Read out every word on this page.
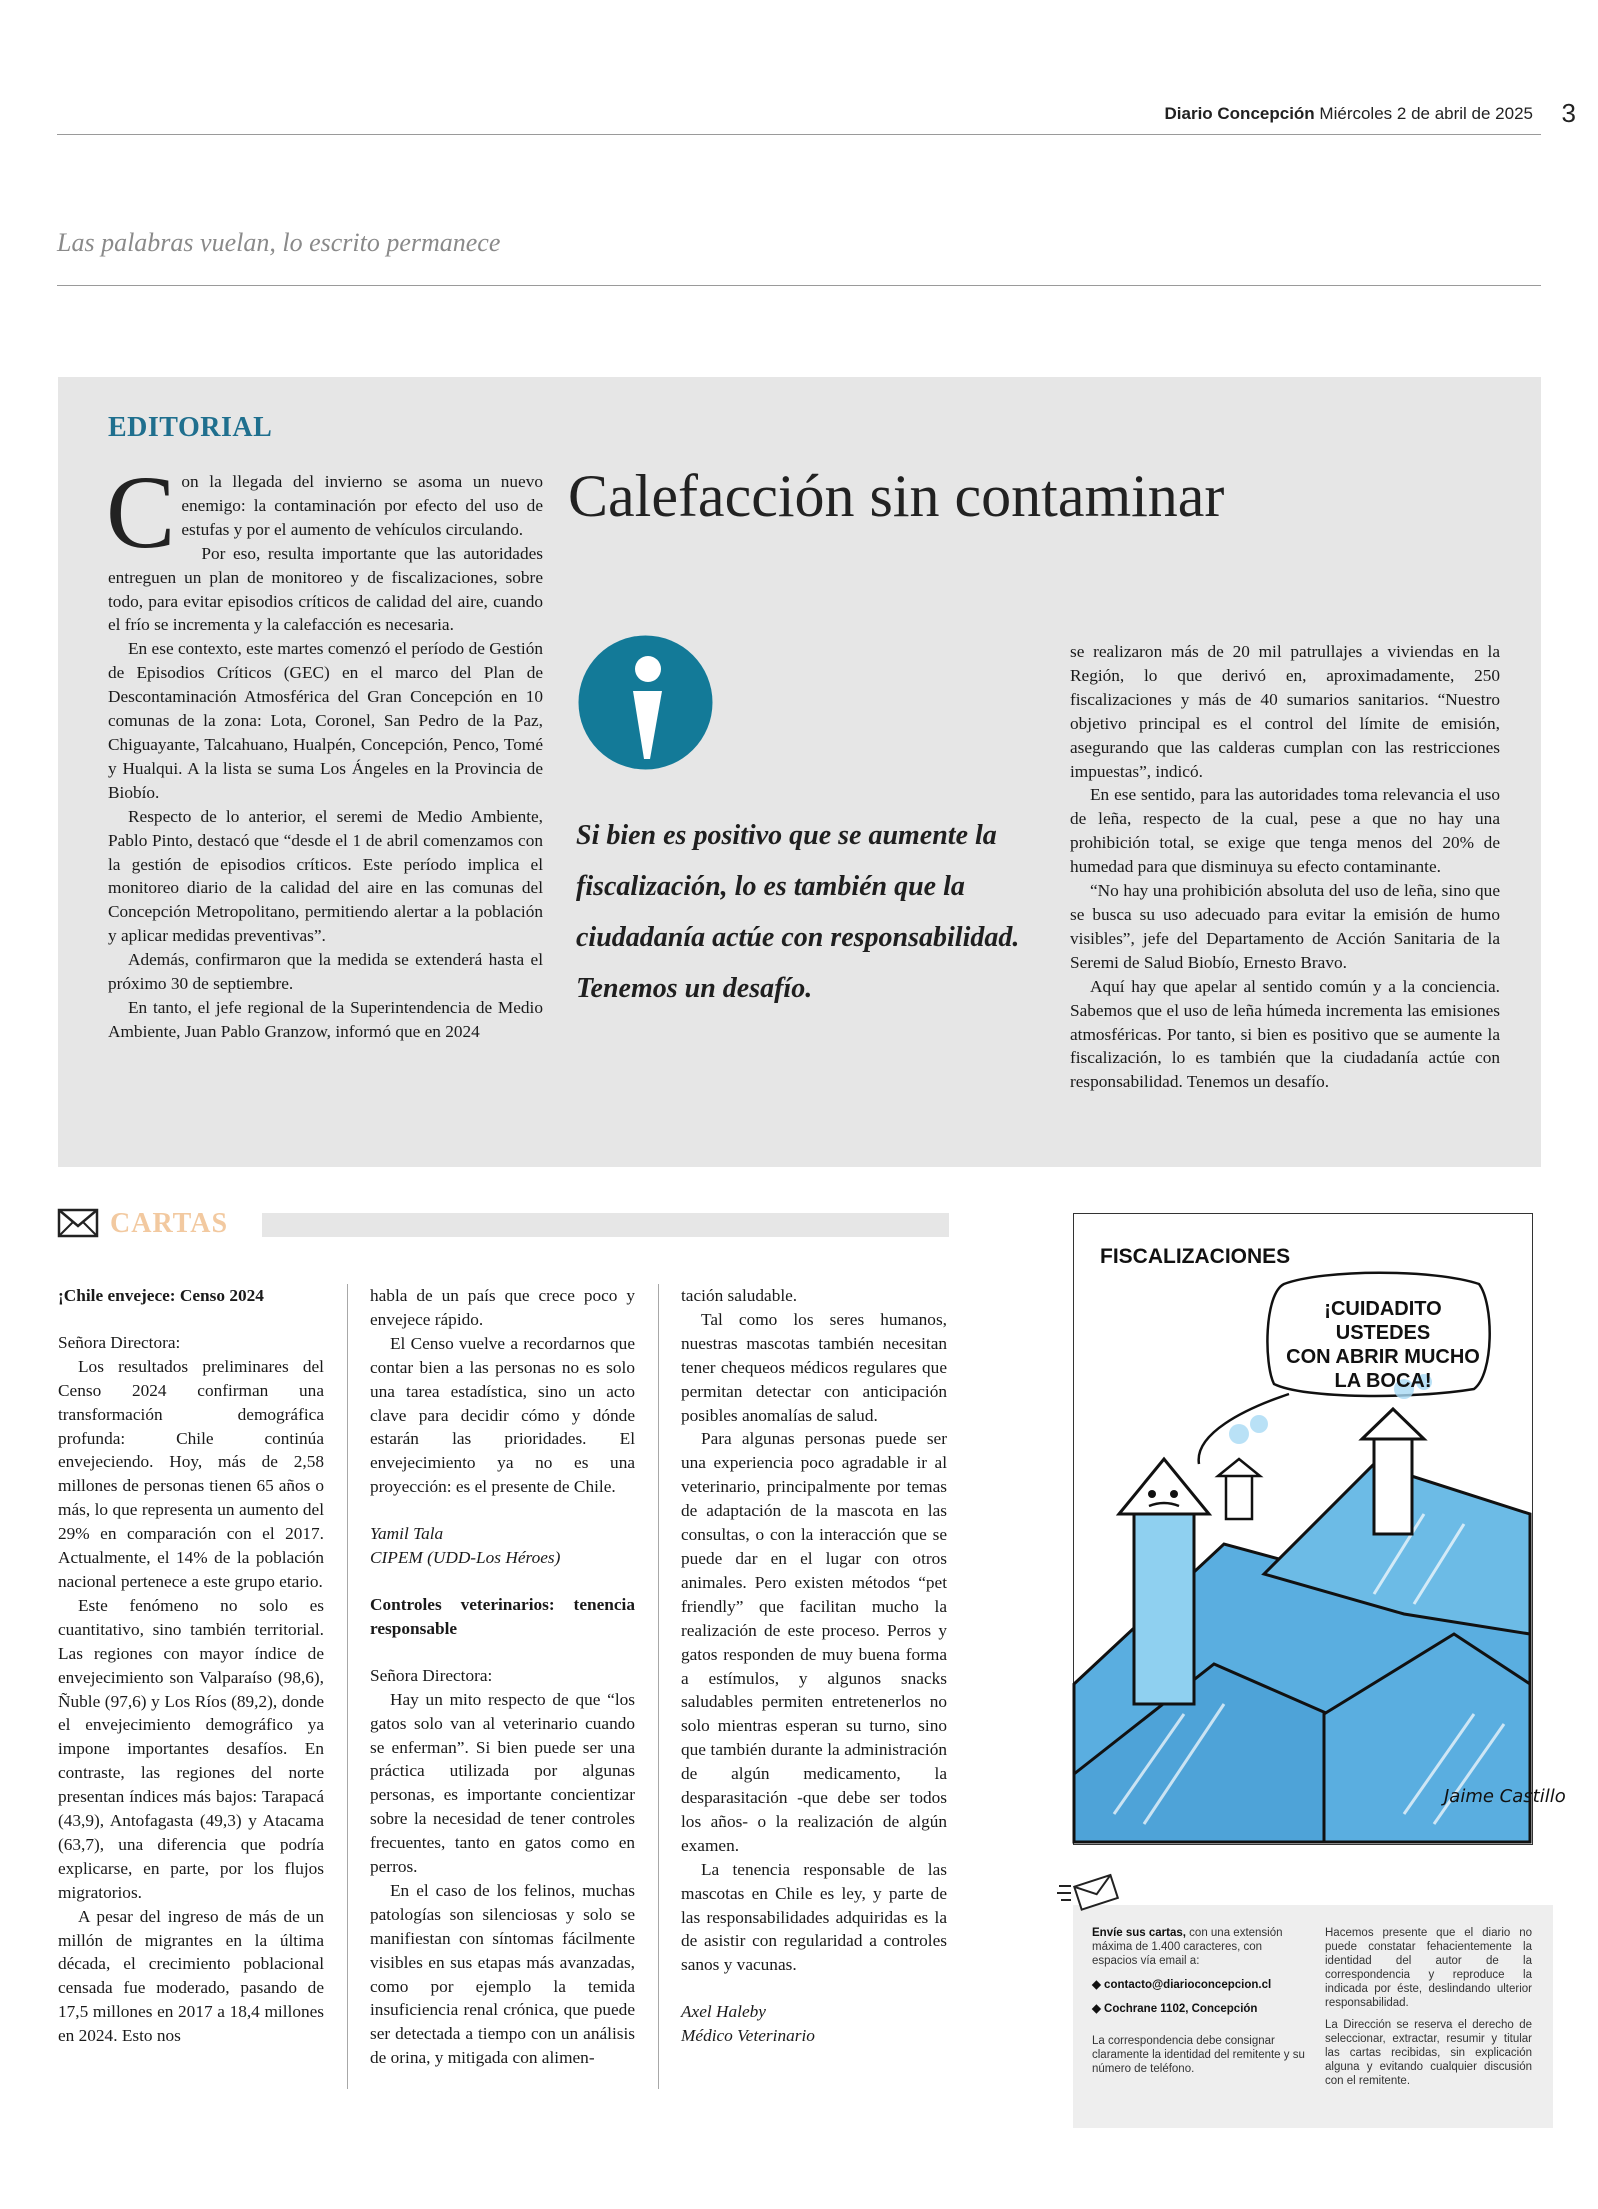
Diario Concepción Miércoles 2 de abril de 2025 3
Las palabras vuelan, lo escrito permanece
EDITORIAL
Calefacción sin contaminar

Con la llegada del invierno se asoma un nuevo enemigo: la contaminación por efecto del uso de estufas y por el aumento de vehículos circulando.

Por eso, resulta importante que las autoridades entreguen un plan de monitoreo y de fiscalizaciones, sobre todo, para evitar episodios críticos de calidad del aire, cuando el frío se incrementa y la calefacción es necesaria.

En ese contexto, este martes comenzó el período de Gestión de Episodios Críticos (GEC) en el marco del Plan de Descontaminación Atmosférica del Gran Concepción en 10 comunas de la zona: Lota, Coronel, San Pedro de la Paz, Chiguayante, Talcahuano, Hualpén, Concepción, Penco, Tomé y Hualqui. A la lista se suma Los Ángeles en la Provincia de Biobío.

Respecto de lo anterior, el seremi de Medio Ambiente, Pablo Pinto, destacó que “desde el 1 de abril comenzamos con la gestión de episodios críticos. Este período implica el monitoreo diario de la calidad del aire en las comunas del Concepción Metropolitano, permitiendo alertar a la población y aplicar medidas preventivas”.

Además, confirmaron que la medida se extenderá hasta el próximo 30 de septiembre.

En tanto, el jefe regional de la Superintendencia de Medio Ambiente, Juan Pablo Granzow, informó que en 2024

Si bien es positivo que se aumente la fiscalización, lo es también que la ciudadanía actúe con responsabilidad. Tenemos un desafío.

se realizaron más de 20 mil patrullajes a viviendas en la Región, lo que derivó en, aproximadamente, 250 fiscalizaciones y más de 40 sumarios sanitarios. “Nuestro objetivo principal es el control del límite de emisión, asegurando que las calderas cumplan con las restricciones impuestas”, indicó.

En ese sentido, para las autoridades toma relevancia el uso de leña, respecto de la cual, pese a que no hay una prohibición total, se exige que tenga menos del 20% de humedad para que disminuya su efecto contaminante.

“No hay una prohibición absoluta del uso de leña, sino que se busca su uso adecuado para evitar la emisión de humo visibles”, jefe del Departamento de Acción Sanitaria de la Seremi de Salud Biobío, Ernesto Bravo.

Aquí hay que apelar al sentido común y a la conciencia. Sabemos que el uso de leña húmeda incrementa las emisiones atmosféricas. Por tanto, si bien es positivo que se aumente la fiscalización, lo es también que la ciudadanía actúe con responsabilidad. Tenemos un desafío.

CARTAS

¡Chile envejece: Censo 2024

Señora Directora:

Los resultados preliminares del Censo 2024 confirman una transformación demográfica profunda: Chile continúa envejeciendo. Hoy, más de 2,58 millones de personas tienen 65 años o más, lo que representa un aumento del 29% en comparación con el 2017. Actualmente, el 14% de la población nacional pertenece a este grupo etario.

Este fenómeno no solo es cuantitativo, sino también territorial. Las regiones con mayor índice de envejecimiento son Valparaíso (98,6), Ñuble (97,6) y Los Ríos (89,2), donde el envejecimiento demográfico ya impone importantes desafíos. En contraste, las regiones del norte presentan índices más bajos: Tarapacá (43,9), Antofagasta (49,3) y Atacama (63,7), una diferencia que podría explicarse, en parte, por los flujos migratorios.

A pesar del ingreso de más de un millón de migrantes en la última década, el crecimiento poblacional censada fue moderado, pasando de 17,5 millones en 2017 a 18,4 millones en 2024. Esto nos

habla de un país que crece poco y envejece rápido.

El Censo vuelve a recordarnos que contar bien a las personas no es solo una tarea estadística, sino un acto clave para decidir cómo y dónde estarán las prioridades. El envejecimiento ya no es una proyección: es el presente de Chile.

Yamil Tala

CIPEM (UDD-Los Héroes)

Controles veterinarios: tenencia responsable

Señora Directora:

Hay un mito respecto de que “los gatos solo van al veterinario cuando se enferman”. Si bien puede ser una práctica utilizada por algunas personas, es importante concientizar sobre la necesidad de tener controles frecuentes, tanto en gatos como en perros.

En el caso de los felinos, muchas patologías son silenciosas y solo se manifiestan con síntomas fácilmente visibles en sus etapas más avanzadas, como por ejemplo la temida insuficiencia renal crónica, que puede ser detectada a tiempo con un análisis de orina, y mitigada con alimen-

tación saludable.

Tal como los seres humanos, nuestras mascotas también necesitan tener chequeos médicos regulares que permitan detectar con anticipación posibles anomalías de salud.

Para algunas personas puede ser una experiencia poco agradable ir al veterinario, principalmente por temas de adaptación de la mascota en las consultas, o con la interacción que se puede dar en el lugar con otros animales. Pero existen métodos “pet friendly” que facilitan mucho la realización de este proceso. Perros y gatos responden de muy buena forma a estímulos, y algunos snacks saludables permiten entretenerlos no solo mientras esperan su turno, sino que también durante la administración de algún medicamento, la desparasitación -que debe ser todos los años- o la realización de algún examen.

La tenencia responsable de las mascotas en Chile es ley, y parte de las responsabilidades adquiridas es la de asistir con regularidad a controles sanos y vacunas.

Axel Haleby

Médico Veterinario

Jaime Castillo
FISCALIZACIONES
¡CUIDADITO
USTEDES
CON ABRIR MUCHO
LA BOCA!
Envíe sus cartas, con una extensión máxima de 1.400 caracteres, con espacios vía email a:
◆ contacto@diarioconcepcion.cl
◆ Cochrane 1102, Concepción
La correspondencia debe consignar claramente la identidad del remitente y su número de teléfono.
Hacemos presente que el diario no puede constatar fehacientemente la identidad del autor de la correspondencia y reproduce la indicada por éste, deslindando ulterior responsabilidad.
La Dirección se reserva el derecho de seleccionar, extractar, resumir y titular las cartas recibidas, sin explicación alguna y evitando cualquier discusión con el remitente.
